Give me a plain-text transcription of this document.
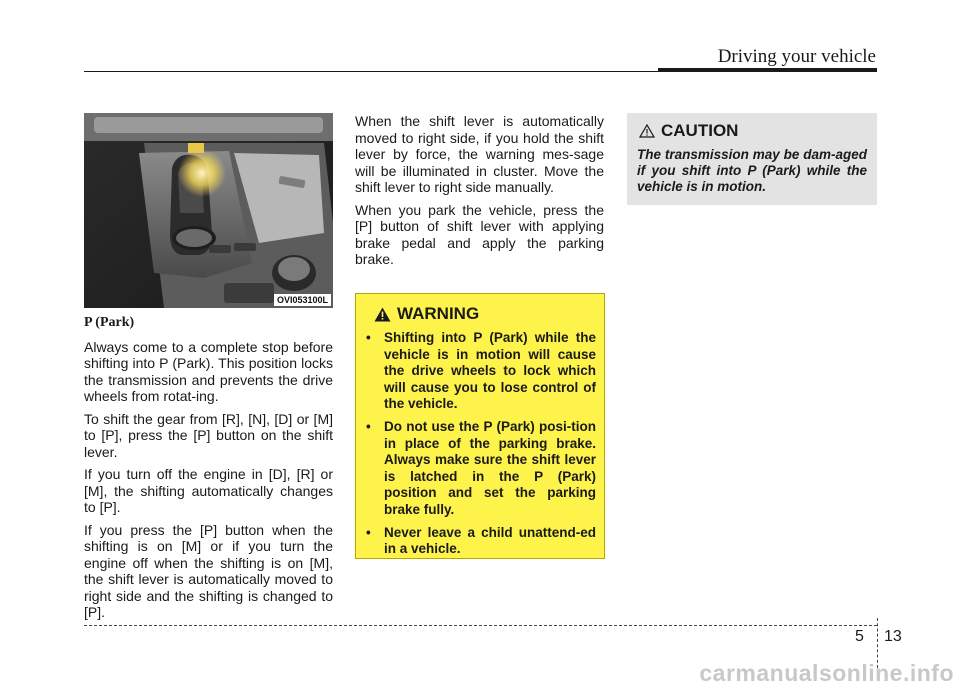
Driving your vehicle
OVI053100L
P (Park)

Always come to a complete stop before shifting into P (Park). This position locks the transmission and prevents the drive wheels from rotat-ing.

To shift the gear from [R], [N], [D] or [M] to [P], press the [P] button on the shift lever.

If you turn off the engine in [D], [R] or [M], the shifting automatically changes to [P].

If you press the [P] button when the shifting is on [M] or if you turn the engine off when the shifting is on [M], the shift lever is automatically moved to right side and the shifting is changed to [P].

When the shift lever is automatically moved to right side, if you hold the shift lever by force, the warning mes-sage will be illuminated in cluster. Move the shift lever to right side manually.

When you park the vehicle, press the [P] button of shift lever with applying brake pedal and apply the parking brake.

WARNING
• Shifting into P (Park) while the vehicle is in motion will cause the drive wheels to lock which will cause you to lose control of the vehicle.
• Do not use the P (Park) posi-tion in place of the parking brake. Always make sure the shift lever is latched in the P (Park) position and set the parking brake fully.
• Never leave a child unattend-ed in a vehicle.
CAUTION

The transmission may be dam-aged if you shift into P (Park) while the vehicle is in motion.

5 13
carmanualsonline.info
